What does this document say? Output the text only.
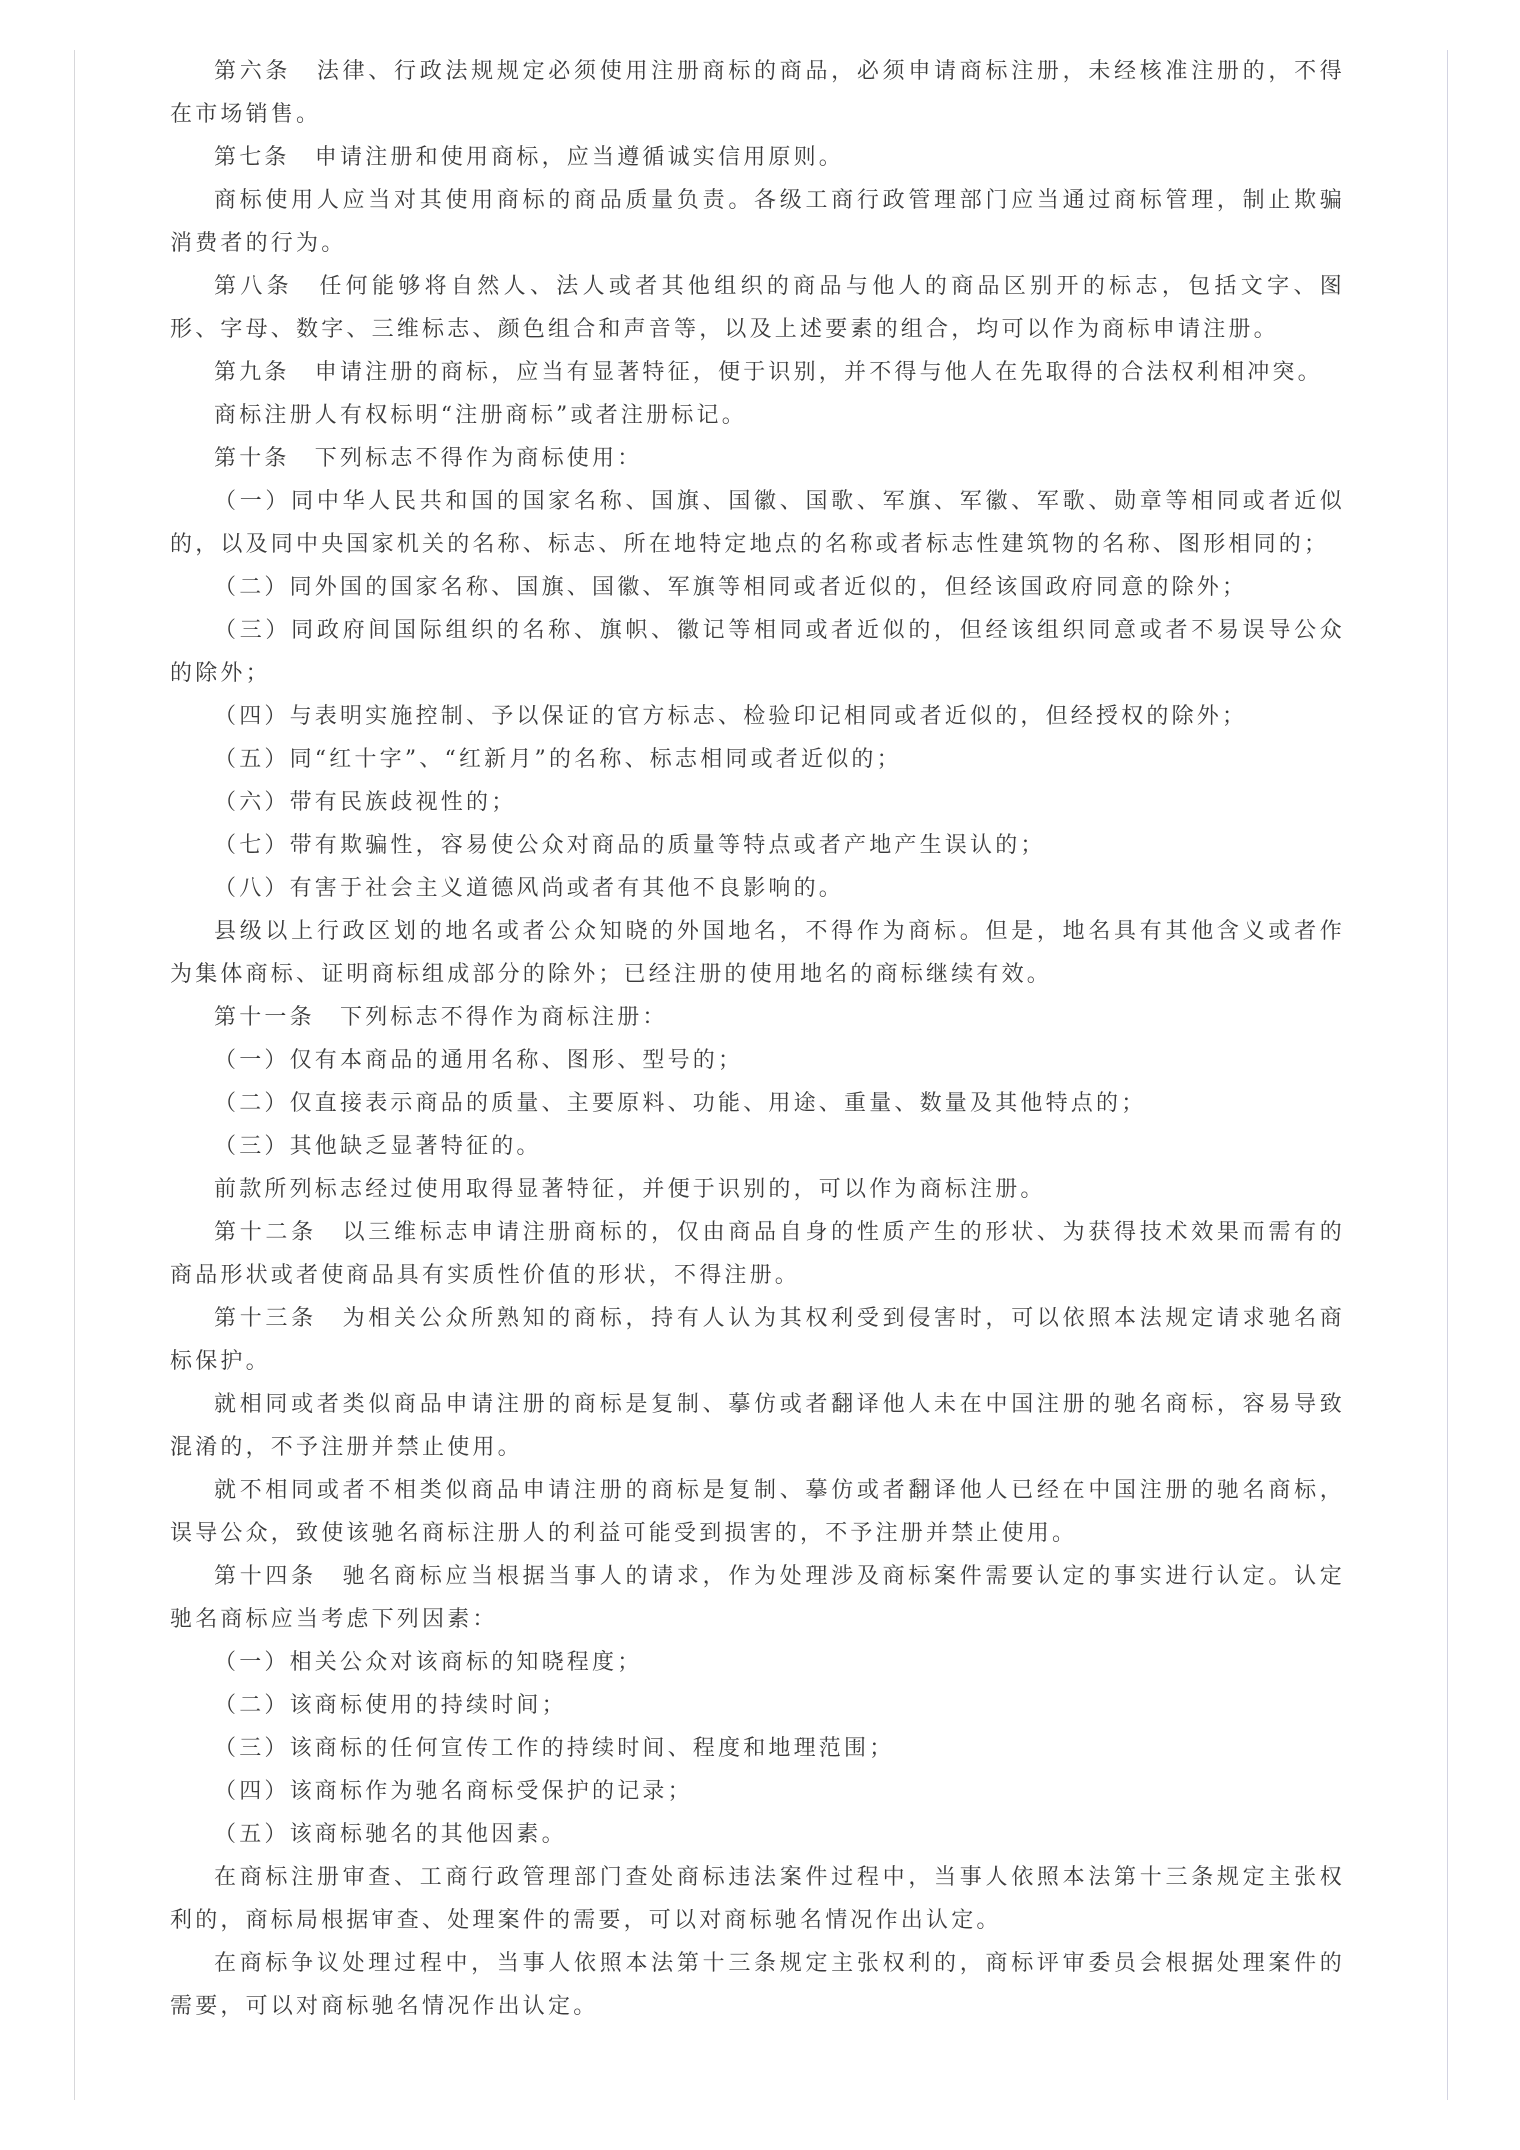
第六条　法律、行政法规规定必须使用注册商标的商品，必须申请商标注册，未经核准注册的，不得在市场销售。

第七条　申请注册和使用商标，应当遵循诚实信用原则。

商标使用人应当对其使用商标的商品质量负责。各级工商行政管理部门应当通过商标管理，制止欺骗消费者的行为。

第八条　任何能够将自然人、法人或者其他组织的商品与他人的商品区别开的标志，包括文字、图形、字母、数字、三维标志、颜色组合和声音等，以及上述要素的组合，均可以作为商标申请注册。

第九条　申请注册的商标，应当有显著特征，便于识别，并不得与他人在先取得的合法权利相冲突。

商标注册人有权标明“注册商标”或者注册标记。

第十条　下列标志不得作为商标使用：

（一）同中华人民共和国的国家名称、国旗、国徽、国歌、军旗、军徽、军歌、勋章等相同或者近似的，以及同中央国家机关的名称、标志、所在地特定地点的名称或者标志性建筑物的名称、图形相同的；

（二）同外国的国家名称、国旗、国徽、军旗等相同或者近似的，但经该国政府同意的除外；

（三）同政府间国际组织的名称、旗帜、徽记等相同或者近似的，但经该组织同意或者不易误导公众的除外；

（四）与表明实施控制、予以保证的官方标志、检验印记相同或者近似的，但经授权的除外；

（五）同“红十字”、“红新月”的名称、标志相同或者近似的；

（六）带有民族歧视性的；

（七）带有欺骗性，容易使公众对商品的质量等特点或者产地产生误认的；

（八）有害于社会主义道德风尚或者有其他不良影响的。

县级以上行政区划的地名或者公众知晓的外国地名，不得作为商标。但是，地名具有其他含义或者作为集体商标、证明商标组成部分的除外；已经注册的使用地名的商标继续有效。

第十一条　下列标志不得作为商标注册：

（一）仅有本商品的通用名称、图形、型号的；

（二）仅直接表示商品的质量、主要原料、功能、用途、重量、数量及其他特点的；

（三）其他缺乏显著特征的。

前款所列标志经过使用取得显著特征，并便于识别的，可以作为商标注册。

第十二条　以三维标志申请注册商标的，仅由商品自身的性质产生的形状、为获得技术效果而需有的商品形状或者使商品具有实质性价值的形状，不得注册。

第十三条　为相关公众所熟知的商标，持有人认为其权利受到侵害时，可以依照本法规定请求驰名商标保护。

就相同或者类似商品申请注册的商标是复制、摹仿或者翻译他人未在中国注册的驰名商标，容易导致混淆的，不予注册并禁止使用。

就不相同或者不相类似商品申请注册的商标是复制、摹仿或者翻译他人已经在中国注册的驰名商标，误导公众，致使该驰名商标注册人的利益可能受到损害的，不予注册并禁止使用。

第十四条　驰名商标应当根据当事人的请求，作为处理涉及商标案件需要认定的事实进行认定。认定驰名商标应当考虑下列因素：

（一）相关公众对该商标的知晓程度；

（二）该商标使用的持续时间；

（三）该商标的任何宣传工作的持续时间、程度和地理范围；

（四）该商标作为驰名商标受保护的记录；

（五）该商标驰名的其他因素。

在商标注册审查、工商行政管理部门查处商标违法案件过程中，当事人依照本法第十三条规定主张权利的，商标局根据审查、处理案件的需要，可以对商标驰名情况作出认定。

在商标争议处理过程中，当事人依照本法第十三条规定主张权利的，商标评审委员会根据处理案件的需要，可以对商标驰名情况作出认定。
